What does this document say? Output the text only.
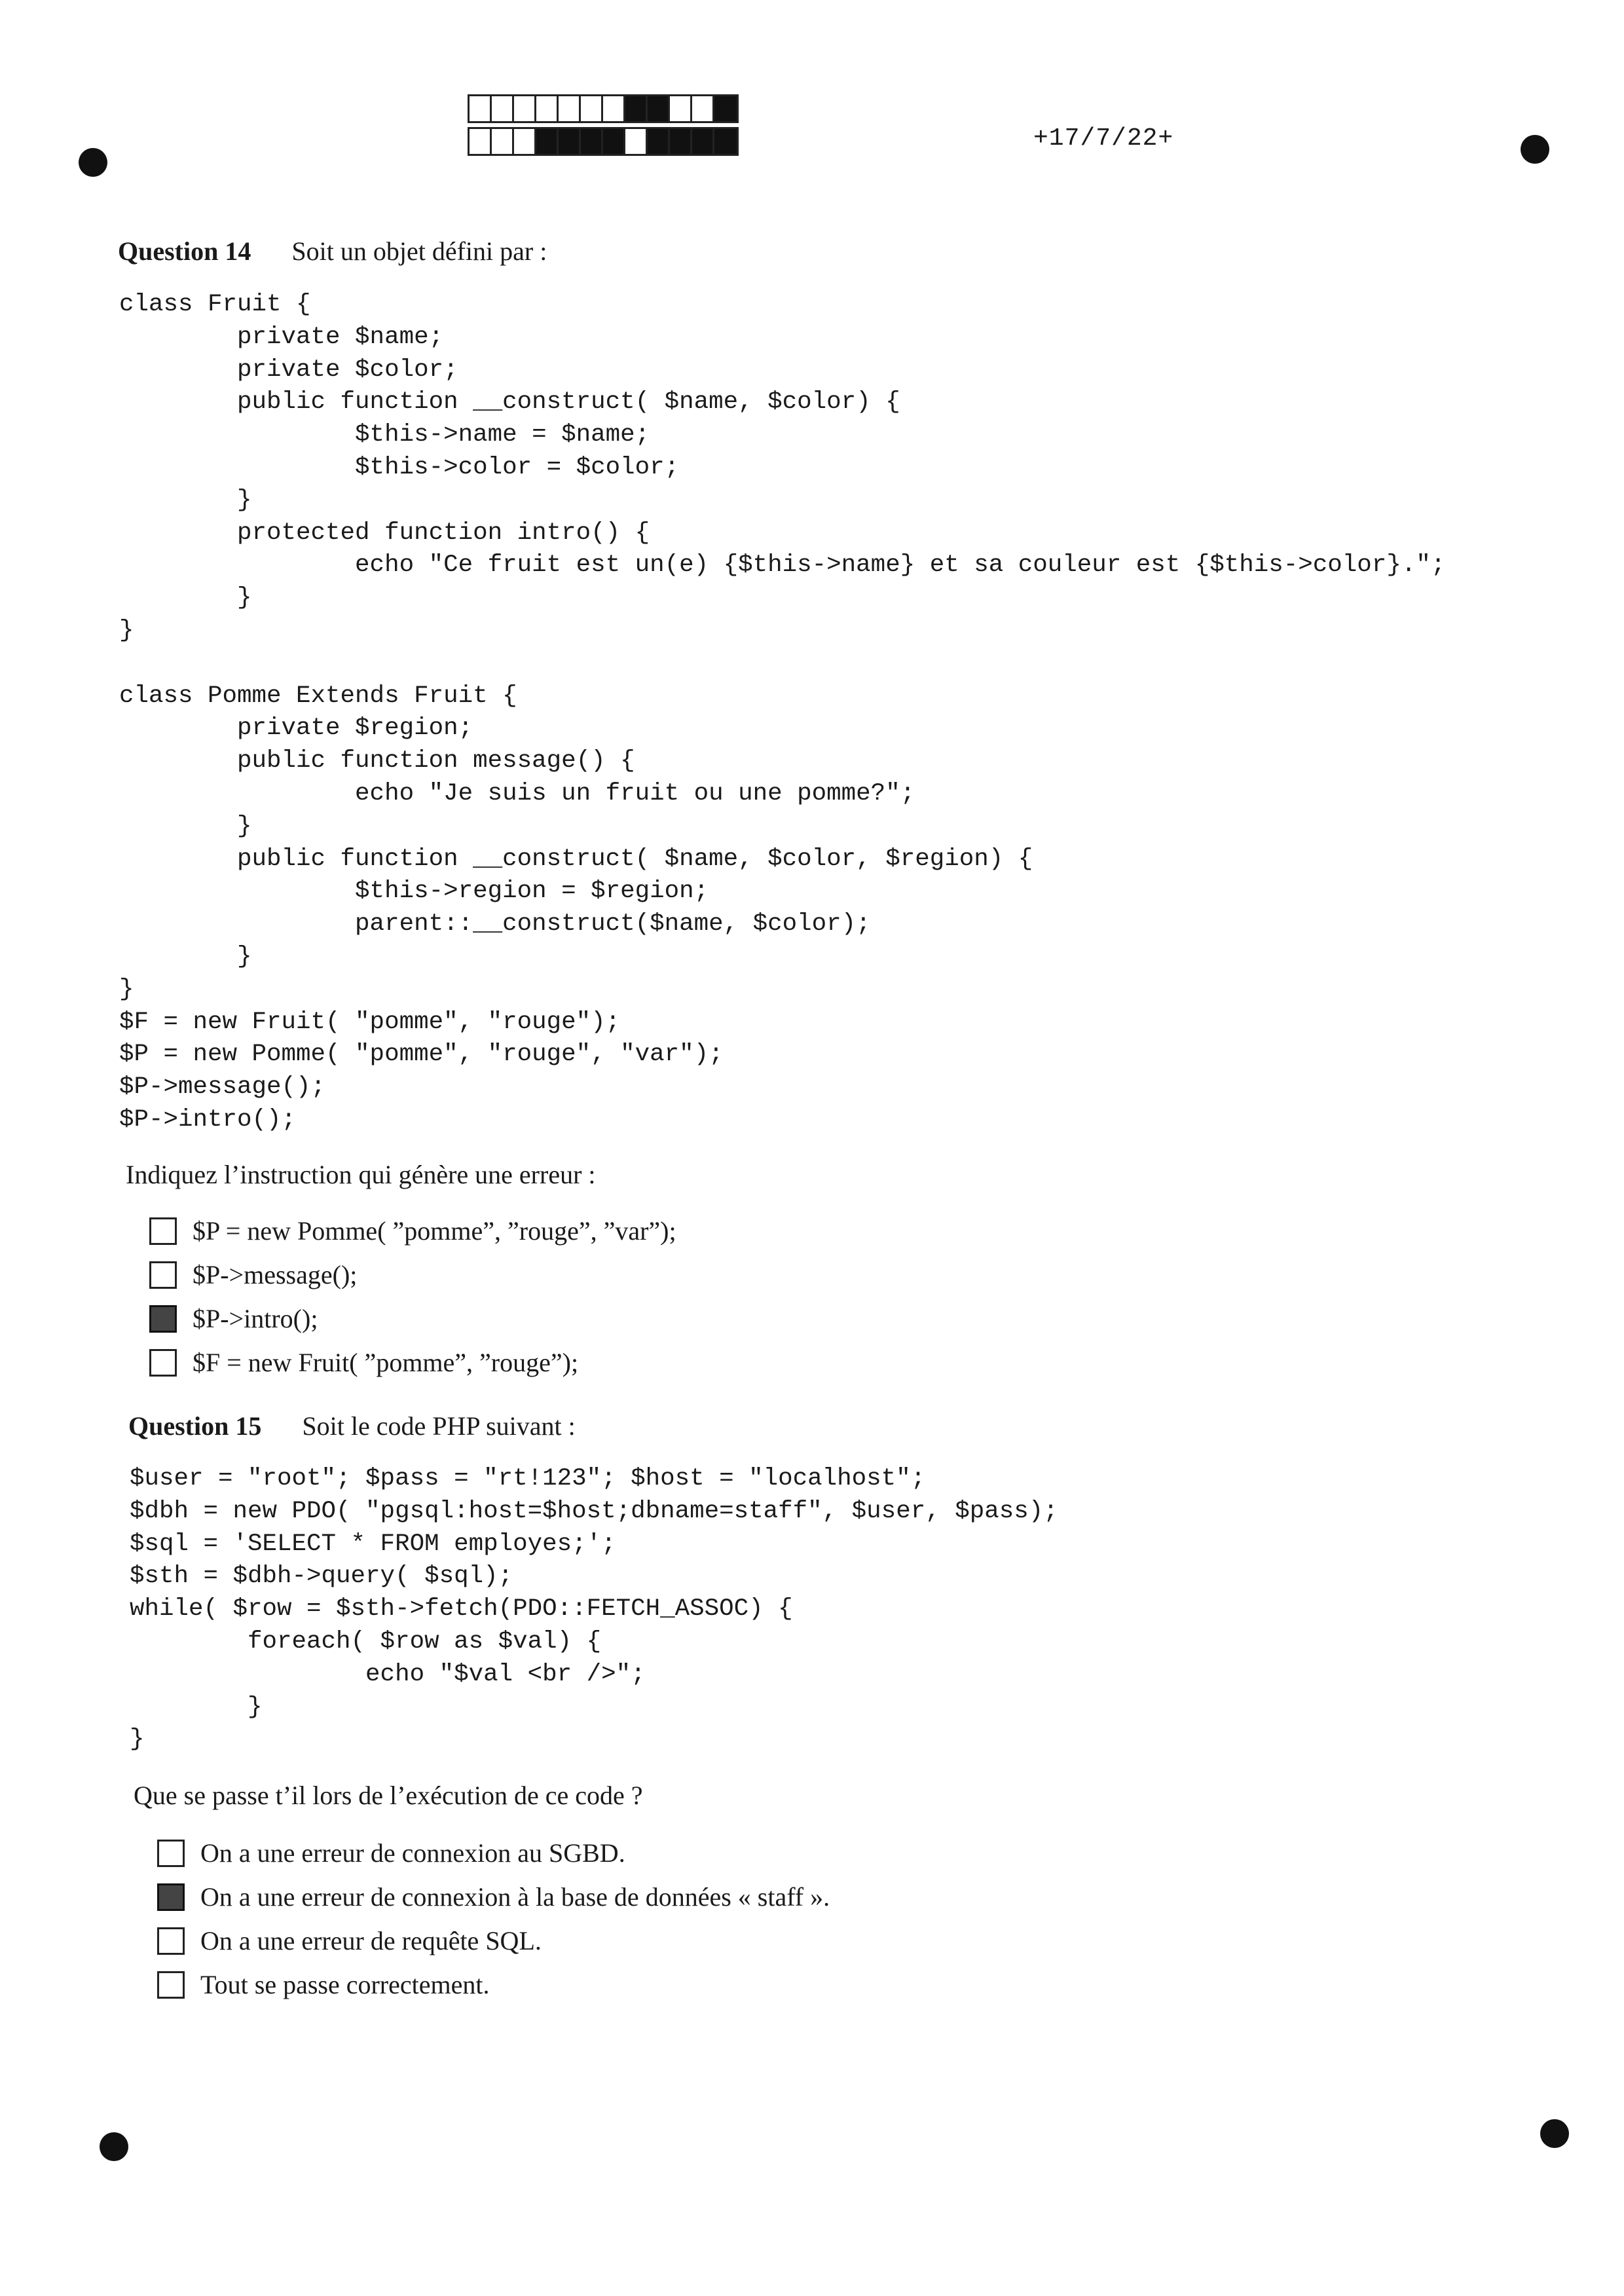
+17/7/22+
Question 14 Soit un objet défini par :
class Fruit {
private $name;
private $color;
public function __construct( $name, $color) {
$this->name = $name;
$this->color = $color;
}
protected function intro() {
echo "Ce fruit est un(e) {$this->name} et sa couleur est {$this->color}.";
}
}

class Pomme Extends Fruit {
private $region;
public function message() {
echo "Je suis un fruit ou une pomme?";
}
public function __construct( $name, $color, $region) {
$this->region = $region;
parent::__construct($name, $color);
}
}
$F = new Fruit( "pomme", "rouge");
$P = new Pomme( "pomme", "rouge", "var");
$P->message();
$P->intro();
Indiquez l’instruction qui génère une erreur :
$P = new Pomme( ”pomme”, ”rouge”, ”var”);
$P->message();
$P->intro();
$F = new Fruit( ”pomme”, ”rouge”);
Question 15 Soit le code PHP suivant :
$user = "root"; $pass = "rt!123"; $host = "localhost";
$dbh = new PDO( "pgsql:host=$host;dbname=staff", $user, $pass);
$sql = 'SELECT * FROM employes;';
$sth = $dbh->query( $sql);
while( $row = $sth->fetch(PDO::FETCH_ASSOC) {
foreach( $row as $val) {
echo "$val <br />";
}
}
Que se passe t’il lors de l’exécution de ce code ?
On a une erreur de connexion au SGBD.
On a une erreur de connexion à la base de données « staff ».
On a une erreur de requête SQL.
Tout se passe correctement.
